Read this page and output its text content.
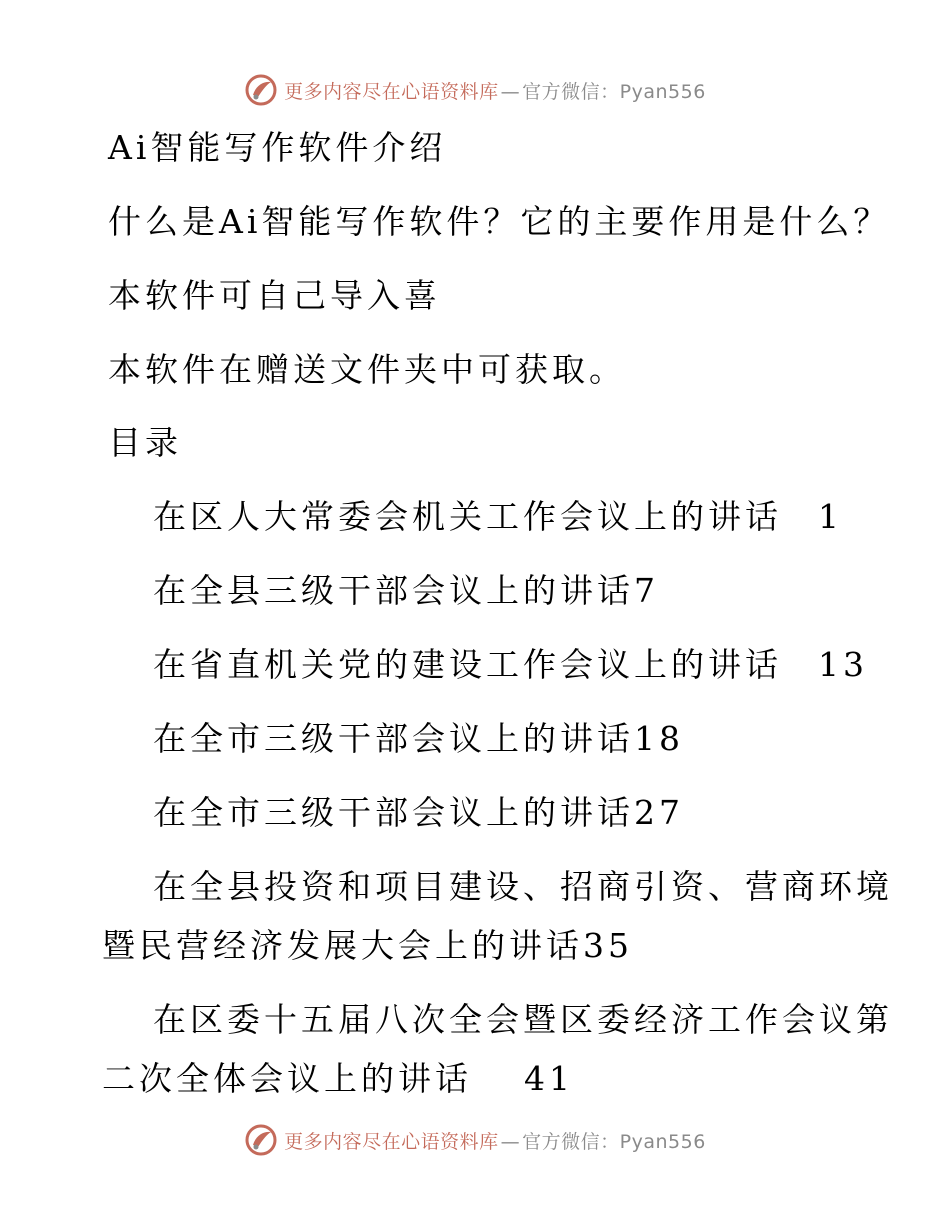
更多内容尽在心语资料库 — 官方微信：Pyan556
Ai智能写作软件介绍
什么是Ai智能写作软件？它的主要作用是什么？
本软件可自己导入喜
本软件在赠送文件夹中可获取。
目录
在区人大常委会机关工作会议上的讲话 1
在全县三级干部会议上的讲话7
在省直机关党的建设工作会议上的讲话 13
在全市三级干部会议上的讲话18
在全市三级干部会议上的讲话27
在全县投资和项目建设、招商引资、营商环境
暨民营经济发展大会上的讲话35
在区委十五届八次全会暨区委经济工作会议第
二次全体会议上的讲话 41
更多内容尽在心语资料库 — 官方微信：Pyan556
